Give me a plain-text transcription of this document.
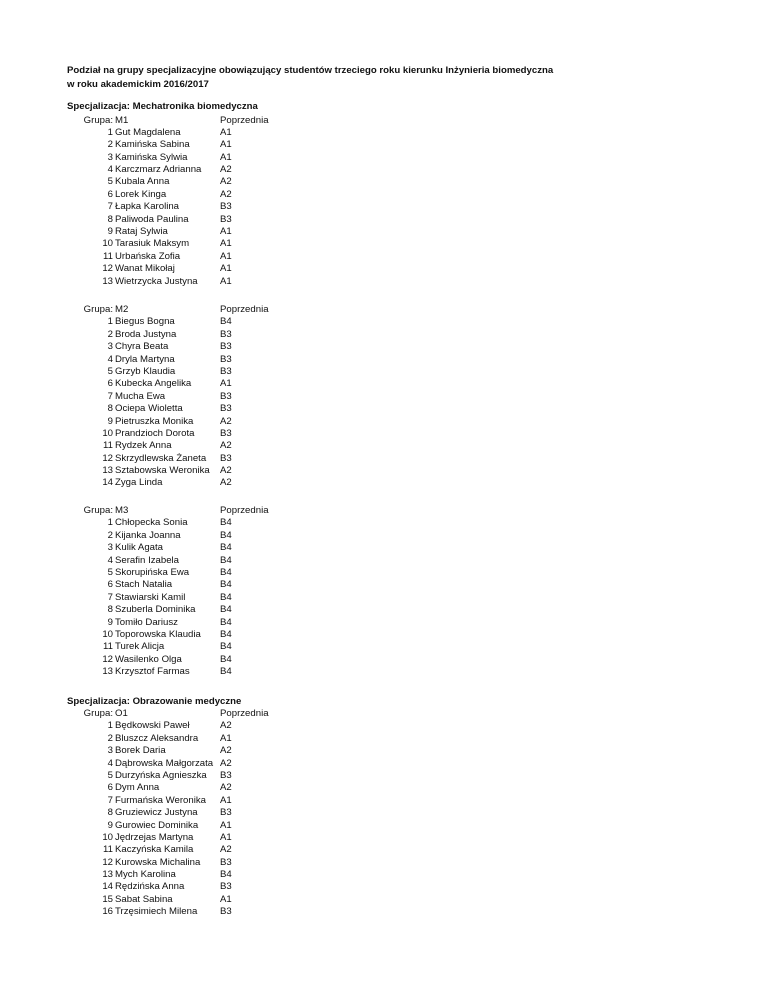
Podział na grupy specjalizacyjne obowiązujący studentów trzeciego roku kierunku Inżynieria biomedyczna
w roku akademickim 2016/2017
Specjalizacja: Mechatronika biomedyczna
Grupa: M1	Poprzednia
1 Gut Magdalena	A1
2 Kamińska Sabina	A1
3 Kamińska Sylwia	A1
4 Karczmarz Adrianna A2
5 Kubala Anna	A2
6 Lorek Kinga	A2
7 Łapka Karolina	B3
8 Paliwoda Paulina	B3
9 Rataj Sylwia	A1
10 Tarasiuk Maksym	A1
11 Urbańska Zofia	A1
12 Wanat Mikołaj	A1
13 Wietrzycka Justyna A1
Grupa: M2	Poprzednia
1 Biegus Bogna	B4
2 Broda Justyna	B3
3 Chyra Beata	B3
4 Dryla Martyna	B3
5 Grzyb Klaudia	B3
6 Kubecka Angelika	A1
7 Mucha Ewa	B3
8 Ociepa Wioletta	B3
9 Pietruszka Monika	A2
10 Prandzioch Dorota	B3
11 Rydzek Anna	A2
12 Skrzydlewska Żaneta B3
13 Sztabowska Weronika A2
14 Zyga Linda	A2
Grupa: M3	Poprzednia
1 Chłopecka Sonia	B4
2 Kijanka Joanna	B4
3 Kulik Agata	B4
4 Serafin Izabela	B4
5 Skorupińska Ewa	B4
6 Stach Natalia	B4
7 Stawiarski Kamil	B4
8 Szuberla Dominika	B4
9 Tomiło Dariusz	B4
10 Toporowska Klaudia B4
11 Turek Alicja	B4
12 Wasilenko Olga	B4
13 Krzysztof Farmas	B4
Specjalizacja: Obrazowanie medyczne
Grupa: O1	Poprzednia
1 Będkowski Paweł	A2
2 Bluszcz Aleksandra A1
3 Borek Daria	A2
4 Dąbrowska Małgorzata A2
5 Durzyńska Agnieszka B3
6 Dym Anna	A2
7 Furmańska Weronika A1
8 Gruziewicz Justyna B3
9 Gurowiec Dominika A1
10 Jędrzejas Martyna	A1
11 Kaczyńska Kamila	A2
12 Kurowska Michalina B3
13 Mych Karolina	B4
14 Rędzińska Anna	B3
15 Sabat Sabina	A1
16 Trzęsimiech Milena B3
